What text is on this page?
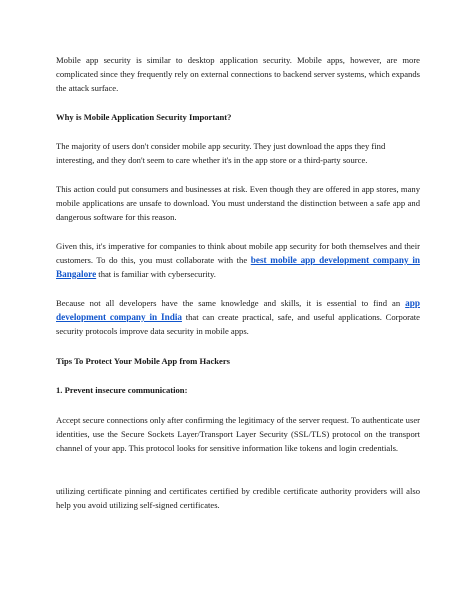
Mobile app security is similar to desktop application security. Mobile apps, however, are more complicated since they frequently rely on external connections to backend server systems, which expands the attack surface.

Why is Mobile Application Security Important?

The majority of users don't consider mobile app security. They just download the apps they find interesting, and they don't seem to care whether it's in the app store or a third-party source.

This action could put consumers and businesses at risk. Even though they are offered in app stores, many mobile applications are unsafe to download. You must understand the distinction between a safe app and dangerous software for this reason.

Given this, it's imperative for companies to think about mobile app security for both themselves and their customers. To do this, you must collaborate with the best mobile app development company in Bangalore that is familiar with cybersecurity.

Because not all developers have the same knowledge and skills, it is essential to find an app development company in India that can create practical, safe, and useful applications. Corporate security protocols improve data security in mobile apps.

Tips To Protect Your Mobile App from Hackers

1. Prevent insecure communication:

Accept secure connections only after confirming the legitimacy of the server request. To authenticate user identities, use the Secure Sockets Layer/Transport Layer Security (SSL/TLS) protocol on the transport channel of your app. This protocol looks for sensitive information like tokens and login credentials.

utilizing certificate pinning and certificates certified by credible certificate authority providers will also help you avoid utilizing self-signed certificates.
